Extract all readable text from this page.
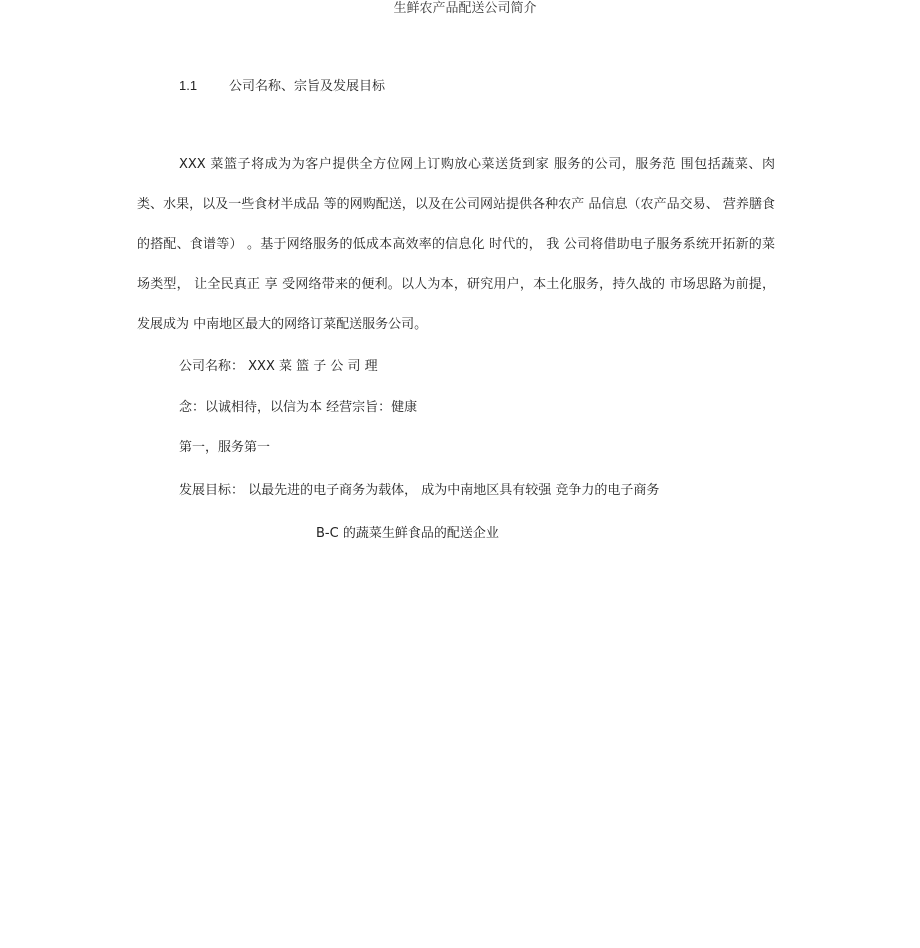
生鲜农产品配送公司简介
1.1 公司名称、宗旨及发展目标
XXX 菜篮子将成为为客户提供全方位网上订购放心菜送货到家 服务的公司，服务范 围包括蔬菜、肉类、水果，以及一些食材半成品 等的网购配送，以及在公司网站提供各种农产 品信息（农产品交易、 营养膳食的搭配、食谱等） 。基于网络服务的低成本高效率的信息化 时代的， 我 公司将借助电子服务系统开拓新的菜场类型， 让全民真正 享 受网络带来的便利。以人为本，研究用户，本土化服务，持久战的 市场思路为前提，发展成为 中南地区最大的网络订菜配送服务公司。
公司名称： XXX 菜 篮 子 公 司 理
念：以诚相待，以信为本 经营宗旨：健康
第一，服务第一
发展目标： 以最先进的电子商务为载体， 成为中南地区具有较强 竞争力的电子商务
B-C 的蔬菜生鲜食品的配送企业
